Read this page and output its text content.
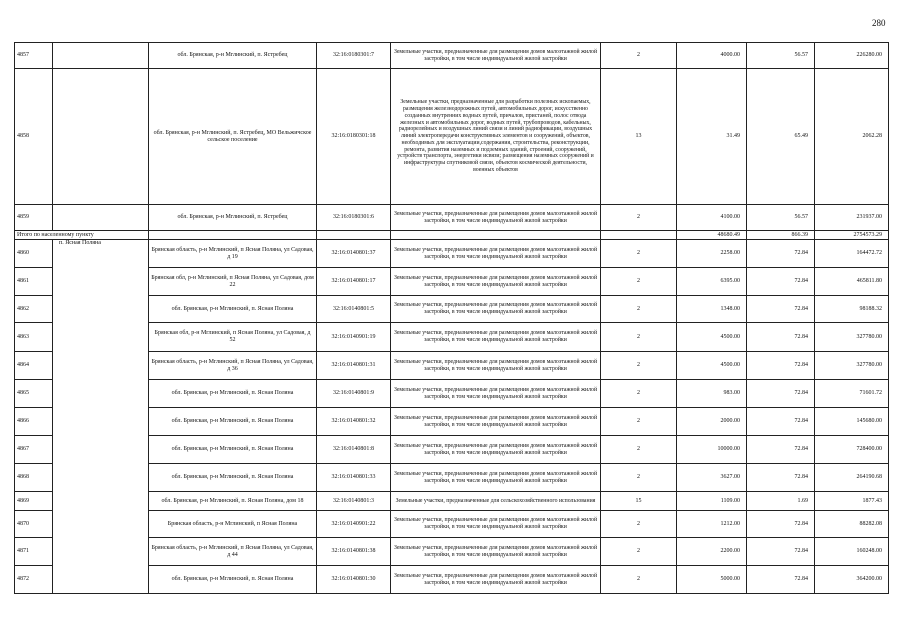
280
4857		обл. Брянская, р-н Мглинский, п. Ястребец	32:16:0180301:7	Земельные участки, предназначенные для размещения домов малоэтажной жилой застройки, в том числе индивидуальной жилой застройки	2	4000.00	56.57	226280.00
4858		обл. Брянская, р-н Мглинский, п. Ястребец, МО Вельжичское сельское поселение	32:16:0180301:18	Земельные участки, предназначенные для разработки полезных ископаемых, размещения железнодорожных путей, автомобильных дорог, искусственно созданных внутренних водных путей, причалов, пристаней, полос отвода железных и автомобильных дорог, водных путей, трубопроводов, кабельных, радиорелейных и воздушных линий связи и линий радиофикации, воздушных линий электропередачи конструктивных элементов и сооружений, объектов, необходимых для эксплуатации,содержания, строительства, реконструкции, ремонта, развития наземных и подземных зданий, строений, сооружений, устройств транспорта, энергетики иcвязи; размещения наземных сооружений и инфраструктуры спутниковой связи, объектов космической деятельности, военных объектов	13	31.49	65.49	2062.28
4859		обл. Брянская, р-н Мглинский, п. Ястребец	32:16:0180301:6	Земельные участки, предназначенные для размещения домов малоэтажной жилой застройки, в том числе индивидуальной жилой застройки	2	4100.00	56.57	231937.00
Итого по населенному пункту						48680.49	866.39	2754573.29
4860	п. Ясная Поляна	Брянская область, р-н Мглинский, п Ясная Поляна, ул Садовая, д 19	32:16:0140801:37	Земельные участки, предназначенные для размещения домов малоэтажной жилой застройки, в том числе индивидуальной жилой застройки	2	2258.00	72.84	164472.72
4861		Брянская обл, р-н Мглинский, п Ясная Поляна, ул Садовая, дом 22	32:16:0140801:17	Земельные участки, предназначенные для размещения домов малоэтажной жилой застройки, в том числе индивидуальной жилой застройки	2	6395.00	72.84	465811.80
4862		обл. Брянская, р-н Мглинский, п. Ясная Поляна	32:16:0140801:5	Земельные участки, предназначенные для размещения домов малоэтажной жилой застройки, в том числе индивидуальной жилой застройки	2	1348.00	72.84	98188.32
4863		Брянская обл, р-н Мглинский, п Ясная Поляна, ул Садовая, д 52	32:16:0140901:19	Земельные участки, предназначенные для размещения домов малоэтажной жилой застройки, в том числе индивидуальной жилой застройки	2	4500.00	72.84	327780.00
4864		Брянская область, р-н Мглинский, п Ясная Поляна, ул Садовая, д 36	32:16:0140801:31	Земельные участки, предназначенные для размещения домов малоэтажной жилой застройки, в том числе индивидуальной жилой застройки	2	4500.00	72.84	327780.00
4865		обл. Брянская, р-н Мглинский, п. Ясная Поляна	32:16:0140801:9	Земельные участки, предназначенные для размещения домов малоэтажной жилой застройки, в том числе индивидуальной жилой застройки	2	983.00	72.84	71601.72
4866		обл. Брянская, р-н Мглинский, п. Ясная Поляна	32:16:0140801:32	Земельные участки, предназначенные для размещения домов малоэтажной жилой застройки, в том числе индивидуальной жилой застройки	2	2000.00	72.84	145680.00
4867		обл. Брянская, р-н Мглинский, п. Ясная Поляна	32:16:0140801:8	Земельные участки, предназначенные для размещения домов малоэтажной жилой застройки, в том числе индивидуальной жилой застройки	2	10000.00	72.84	728400.00
4868		обл. Брянская, р-н Мглинский, п. Ясная Поляна	32:16:0140801:33	Земельные участки, предназначенные для размещения домов малоэтажной жилой застройки, в том числе индивидуальной жилой застройки	2	3627.00	72.84	264190.68
4869		обл. Брянская, р-н Мглинский, п. Ясная Поляна, дом 18	32:16:0140801:3	Земельные участки, предназначенные для сельскохозяйственного использования	15	1109.00	1.69	1877.43
4870		Брянская область, р-н Мглинский, п Ясная Поляна	32:16:0140901:22	Земельные участки, предназначенные для размещения домов малоэтажной жилой застройки, в том числе индивидуальной жилой застройки	2	1212.00	72.84	88282.08
4871		Брянская область, р-н Мглинский, п Ясная Поляна, ул Садовая, д 44	32:16:0140801:38	Земельные участки, предназначенные для размещения домов малоэтажной жилой застройки, в том числе индивидуальной жилой застройки	2	2200.00	72.84	160248.00
4872		обл. Брянская, р-н Мглинский, п. Ясная Поляна	32:16:0140801:30	Земельные участки, предназначенные для размещения домов малоэтажной жилой застройки, в том числе индивидуальной жилой застройки	2	5000.00	72.84	364200.00
